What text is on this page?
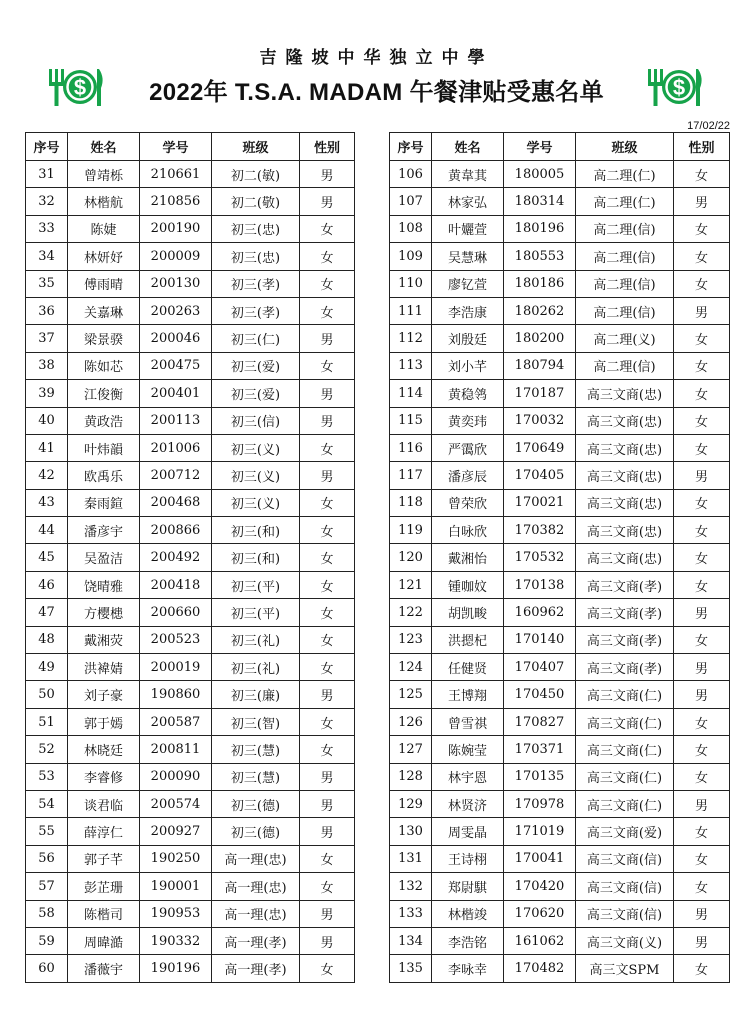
吉隆坡中华独立中學
$	2022年 T.S.A. MADAM 午餐津贴受惠名单	$
17/02/22
序号	姓名	学号	班级	性别
31	曾靖栎	210661	初二(敏)	男
32	林楷航	210856	初二(敬)	男
33	陈婕	200190	初三(忠)	女
34	林妍妤	200009	初三(忠)	女
35	傅雨晴	200130	初三(孝)	女
36	关嘉琳	200263	初三(孝)	女
37	梁景骙	200046	初三(仁)	男
38	陈如芯	200475	初三(爱)	女
39	江俊衡	200401	初三(爱)	男
40	黄政浩	200113	初三(信)	男
41	叶炜韻	201006	初三(义)	女
42	欧禹乐	200712	初三(义)	男
43	秦雨鍹	200468	初三(义)	女
44	潘彦宇	200866	初三(和)	女
45	吴盈洁	200492	初三(和)	女
46	饶晴雅	200418	初三(平)	女
47	方樱槵	200660	初三(平)	女
48	戴湘荧	200523	初三(礼)	女
49	洪褘婧	200019	初三(礼)	女
50	刘子豪	190860	初三(廉)	男
51	郭于嫣	200587	初三(智)	女
52	林晓廷	200811	初三(慧)	女
53	李睿修	200090	初三(慧)	男
54	谈君临	200574	初三(德)	男
55	薛淳仁	200927	初三(德)	男
56	郭子芊	190250	高一理(忠)	女
57	彭芷珊	190001	高一理(忠)	女
58	陈楷司	190953	高一理(忠)	男
59	周暐澔	190332	高一理(孝)	男
60	潘薇宇	190196	高一理(孝)	女
序号	姓名	学号	班级	性别
106	黄韋萁	180005	高二理(仁)	女
107	林家弘	180314	高二理(仁)	男
108	叶孋萱	180196	高二理(信)	女
109	吴慧琳	180553	高二理(信)	女
110	廖钇萱	180186	高二理(信)	女
111	李浩康	180262	高二理(信)	男
112	刘殷廷	180200	高二理(义)	女
113	刘小芊	180794	高二理(信)	女
114	黄稳鸰	170187	高三文商(忠)	女
115	黄奕玮	170032	高三文商(忠)	女
116	严霭欣	170649	高三文商(忠)	女
117	潘彦辰	170405	高三文商(忠)	男
118	曾荣欣	170021	高三文商(忠)	女
119	白咏欣	170382	高三文商(忠)	女
120	戴湘怡	170532	高三文商(忠)	女
121	锺咖妏	170138	高三文商(孝)	女
122	胡凯畯	160962	高三文商(孝)	男
123	洪摁杞	170140	高三文商(孝)	女
124	任健贤	170407	高三文商(孝)	男
125	王博翔	170450	高三文商(仁)	男
126	曾雪祺	170827	高三文商(仁)	女
127	陈婉莹	170371	高三文商(仁)	女
128	林宇恩	170135	高三文商(仁)	女
129	林贤济	170978	高三文商(仁)	男
130	周雯晶	171019	高三文商(爱)	女
131	王诗栩	170041	高三文商(信)	女
132	郑尉騏	170420	高三文商(信)	女
133	林楷竣	170620	高三文商(信)	男
134	李浩铭	161062	高三文商(义)	男
135	李咏幸	170482	高三文SPM	女
